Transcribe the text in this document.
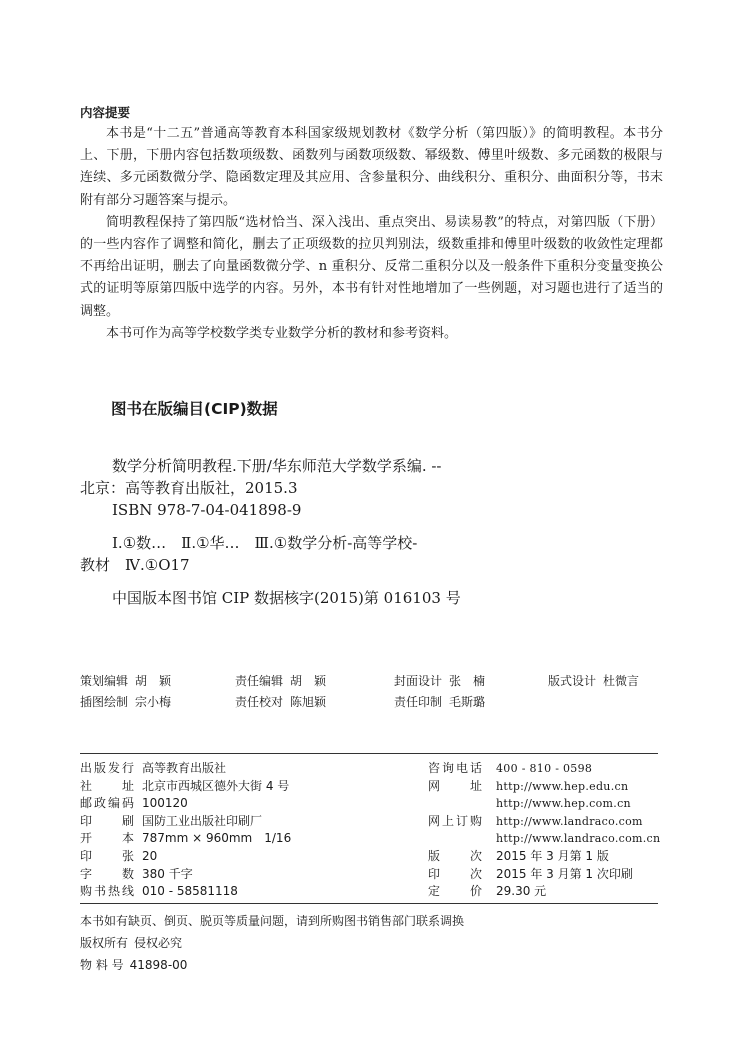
内容提要

本书是“十二五”普通高等教育本科国家级规划教材《数学分析（第四版）》的简明教程。本书分上、下册，下册内容包括数项级数、函数列与函数项级数、幂级数、傅里叶级数、多元函数的极限与连续、多元函数微分学、隐函数定理及其应用、含参量积分、曲线积分、重积分、曲面积分等，书末附有部分习题答案与提示。

简明教程保持了第四版“选材恰当、深入浅出、重点突出、易读易教”的特点，对第四版（下册）的一些内容作了调整和简化，删去了正项级数的拉贝判别法，级数重排和傅里叶级数的收敛性定理都不再给出证明，删去了向量函数微分学、n 重积分、反常二重积分以及一般条件下重积分变量变换公式的证明等原第四版中选学的内容。另外，本书有针对性地增加了一些例题，对习题也进行了适当的调整。

本书可作为高等学校数学类专业数学分析的教材和参考资料。

图书在版编目(CIP)数据
数学分析简明教程.下册/华东师范大学数学系编. --
北京：高等教育出版社，2015.3
ISBN 978-7-04-041898-9
Ⅰ.①数…　Ⅱ.①华…　Ⅲ.①数学分析-高等学校-
教材　Ⅳ.①O17
中国版本图书馆 CIP 数据核字(2015)第 016103 号
策划编辑 胡　颖	责任编辑 胡　颖	封面设计 张　楠	版式设计 杜微言
插图绘制 宗小梅	责任校对 陈旭颖	责任印制 毛斯璐
出版发行 高等教育出版社	咨询电话 400 - 810 - 0598
社址 北京市西城区德外大街 4 号	网址 http://www.hep.edu.cn
邮政编码 100120	http://www.hep.com.cn
印刷 国防工业出版社印刷厂	网上订购 http://www.landraco.com
开本 787mm × 960mm　1/16	http://www.landraco.com.cn
印张 20	版次 2015 年 3 月第 1 版
字数 380 千字	印次 2015 年 3 月第 1 次印刷
购书热线 010 - 58581118	定价 29.30 元
本书如有缺页、倒页、脱页等质量问题，请到所购图书销售部门联系调换
版权所有 侵权必究
物 料 号 41898-00
